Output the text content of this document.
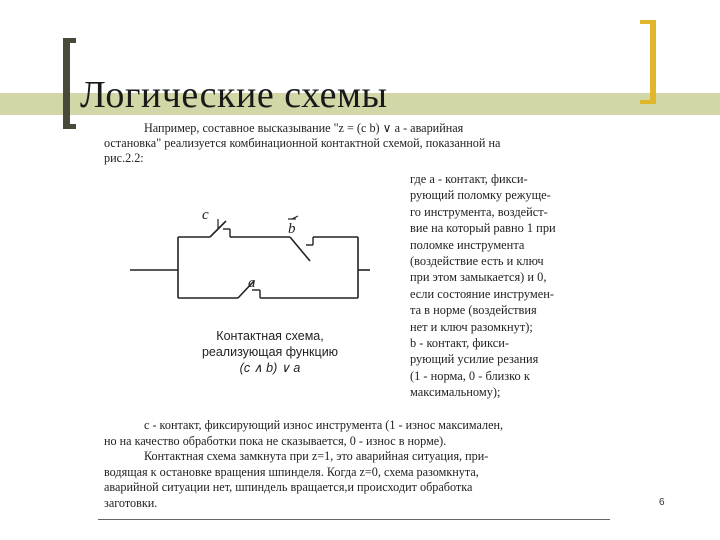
Логические схемы
Например, составное высказывание "z = (c b) ∨ a - аварийная
остановка" реализуется комбинационной контактной схемой, показанной на
рис.2.2:
где a - контакт, фикси-
рующий поломку режуще-
го инструмента, воздейст-
вие на который равно 1 при
поломке инструмента
(воздействие есть и ключ
при этом замыкается) и 0,
если состояние инструмен-
та в норме (воздействия
нет и ключ разомкнут);
b - контакт, фикси-
рующий усилие резания
(1 - норма, 0 - близко к
максимальному);
c
b
a
Контактная схема,
реализующая функцию
(c ∧ b) ∨ a
c - контакт, фиксирующий износ инструмента (1 - износ максимален,
но на качество обработки пока не сказывается, 0 - износ в норме).
Контактная схема замкнута при z=1, это аварийная ситуация, при-
водящая к остановке вращения шпинделя. Когда z=0, схема разомкнута,
аварийной ситуации нет, шпиндель вращается,и происходит обработка
заготовки.	6
